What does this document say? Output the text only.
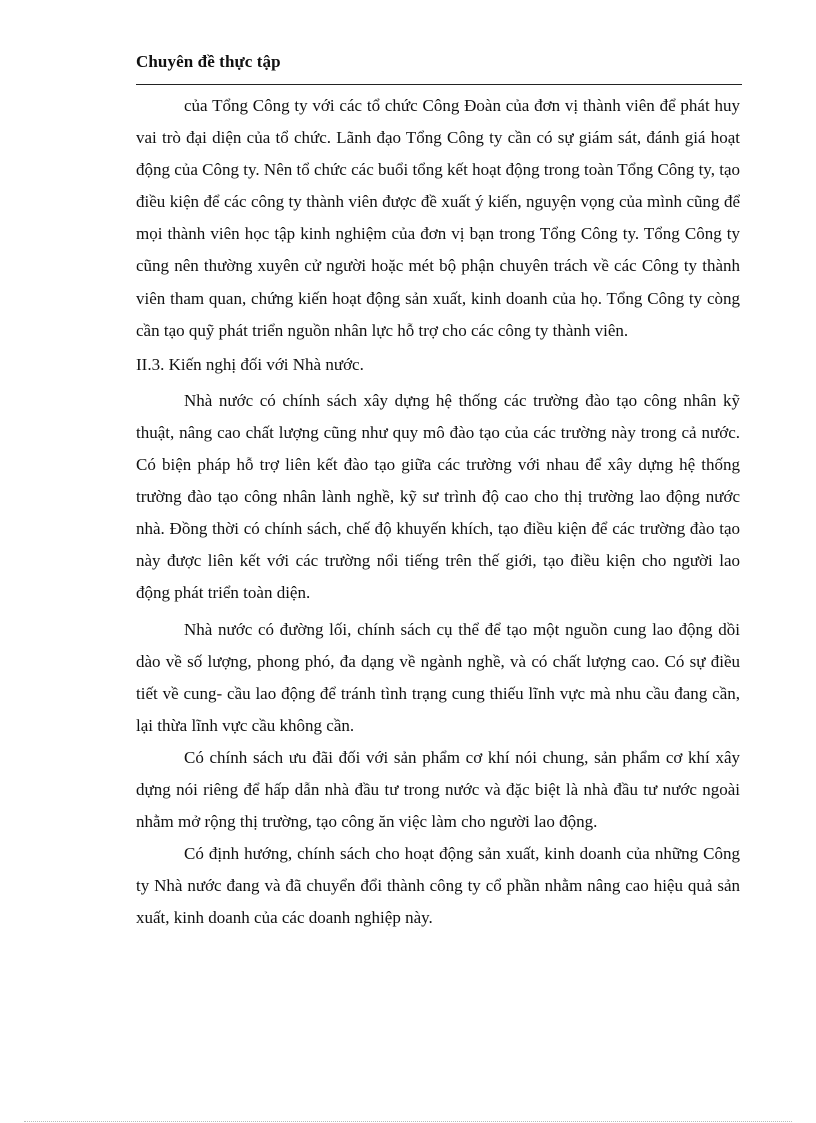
Chuyên đề thực tập

của Tổng Công ty với các tổ chức Công Đoàn của đơn vị thành viên để phát huy vai trò đại diện của tổ chức. Lãnh đạo Tổng Công ty cần có sự giám sát, đánh giá hoạt động của Công ty. Nên tổ chức các buổi tổng kết hoạt động trong toàn Tổng Công ty, tạo điều kiện để các công ty thành viên được đề xuất ý kiến, nguyện vọng của mình cũng để mọi thành viên học tập kinh nghiệm của đơn vị bạn trong Tổng Công ty. Tổng Công ty cũng nên thường xuyên cử người hoặc mét bộ phận chuyên trách về các Công ty thành viên tham quan, chứng kiến hoạt động sản xuất, kinh doanh của họ. Tổng Công ty còng cần tạo quỹ phát triển nguồn nhân lực hỗ trợ cho các công ty thành viên.

II.3. Kiến nghị đối với Nhà nước.

Nhà nước có chính sách xây dựng hệ thống các trường đào tạo công nhân kỹ thuật, nâng cao chất lượng cũng như quy mô đào tạo của các trường này trong cả nước. Có biện pháp hỗ trợ liên kết đào tạo giữa các trường với nhau để xây dựng hệ thống trường đào tạo công nhân lành nghề, kỹ sư trình độ cao cho thị trường lao động nước nhà. Đồng thời có chính sách, chế độ khuyến khích, tạo điều kiện để các trường đào tạo này được liên kết với các trường nổi tiếng trên thế giới, tạo điều kiện cho người lao động phát triển toàn diện.

Nhà nước có đường lối, chính sách cụ thể để tạo một nguồn cung lao động dồi dào về số lượng, phong phó, đa dạng về ngành nghề, và có chất lượng cao. Có sự điều tiết về cung- cầu lao động để tránh tình trạng cung thiếu lĩnh vực mà nhu cầu đang cần, lại thừa lĩnh vực cầu không cần.

Có chính sách ưu đãi đối với sản phẩm cơ khí nói chung, sản phẩm cơ khí xây dựng nói riêng để hấp dẫn nhà đầu tư trong nước và đặc biệt là nhà đầu tư nước ngoài nhằm mở rộng thị trường, tạo công ăn việc làm cho người lao động.

Có định hướng, chính sách cho hoạt động sản xuất, kinh doanh của những Công ty Nhà nước đang và đã chuyển đổi thành công ty cổ phần nhằm nâng cao hiệu quả sản xuất, kinh doanh của các doanh nghiệp này.
